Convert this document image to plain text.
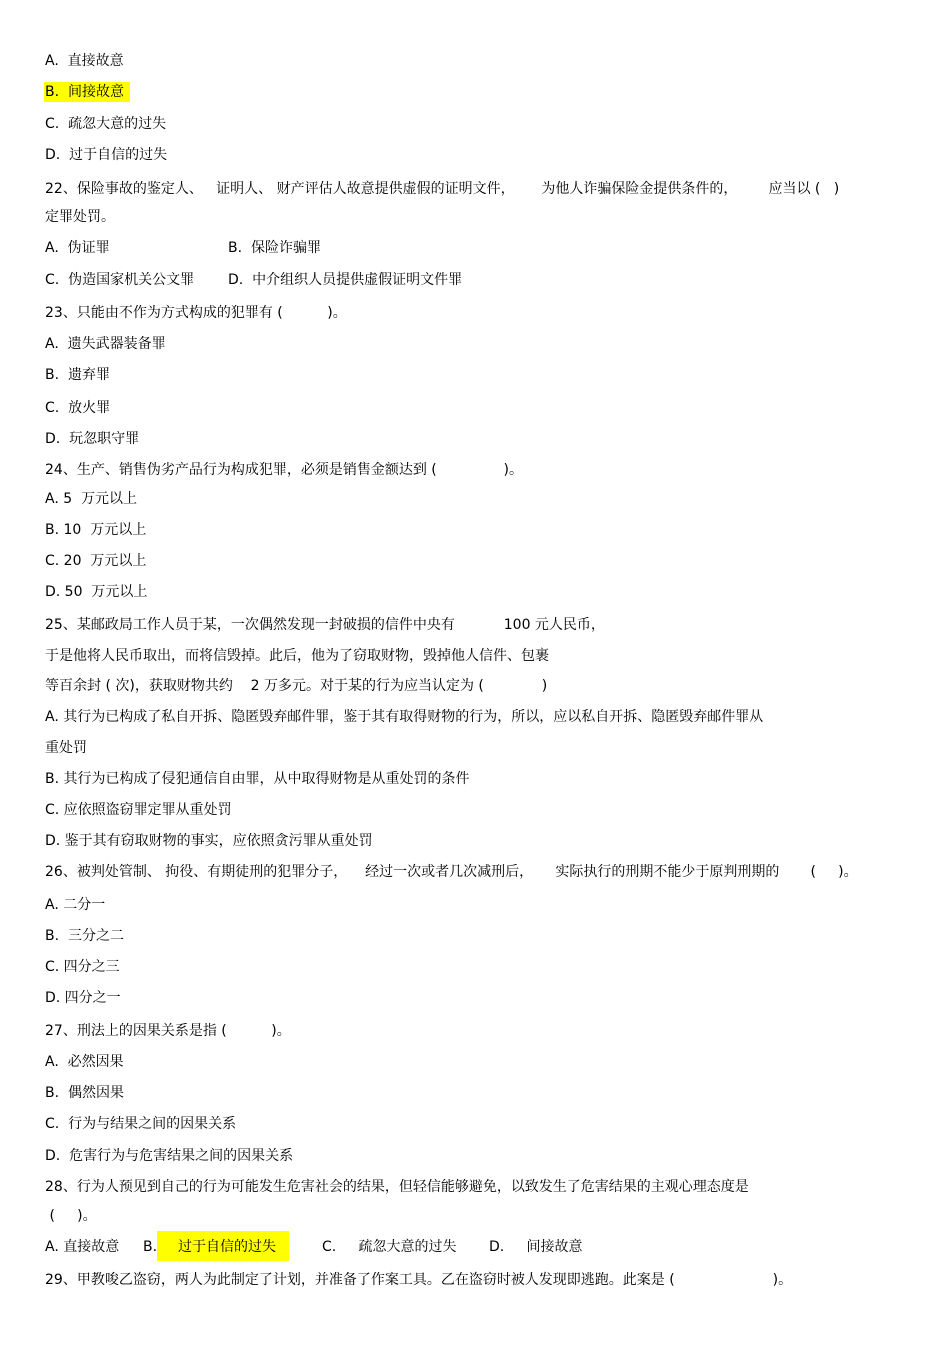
A.  直接故意
B.  间接故意
C.  疏忽大意的过失
D.  过于自信的过失
22、保险事故的鉴定人、   证明人、 财产评估人故意提供虚假的证明文件，      为他人诈骗保险金提供条件的，       应当以 (   )
定罪处罚。
A.  伪证罪	B.  保险诈骗罪
C.  伪造国家机关公文罪 D.  中介组织人员提供虚假证明文件罪
23、只能由不作为方式构成的犯罪有 (          )。
A.  遗失武器装备罪
B.  遗弃罪
C.  放火罪
D.  玩忽职守罪
24、生产、销售伪劣产品行为构成犯罪，必须是销售金额达到 (               )。
A. 5  万元以上
B. 10  万元以上
C. 20  万元以上
D. 50  万元以上
25、某邮政局工作人员于某，一次偶然发现一封破损的信件中央有           100 元人民币，
于是他将人民币取出，而将信毁掉。此后，他为了窃取财物，毁掉他人信件、包裹
等百余封 ( 次)，获取财物共约    2 万多元。对于某的行为应当认定为 (             )
A. 其行为已构成了私自开拆、隐匿毁弃邮件罪，鉴于其有取得财物的行为，所以，应以私自开拆、隐匿毁弃邮件罪从
重处罚
B. 其行为已构成了侵犯通信自由罪，从中取得财物是从重处罚的条件
C. 应依照盗窃罪定罪从重处罚
D. 鉴于其有窃取财物的事实，应依照贪污罪从重处罚
26、被判处管制、 拘役、有期徒刑的犯罪分子，    经过一次或者几次减刑后，     实际执行的刑期不能少于原判刑期的       (     )。
A. 二分一
B.  三分之二
C. 四分之三
D. 四分之一
27、刑法上的因果关系是指 (          )。
A.  必然因果
B.  偶然因果
C.  行为与结果之间的因果关系
D.  危害行为与危害结果之间的因果关系
28、行为人预见到自己的行为可能发生危害社会的结果，但轻信能够避免，以致发生了危害结果的主观心理态度是
(     )。
A. 直接故意 B.	过于自信的过失	C.     疏忽大意的过失 D.     间接故意
29、甲教唆乙盗窃，两人为此制定了计划，并准备了作案工具。乙在盗窃时被人发现即逃跑。此案是 (                      )。
